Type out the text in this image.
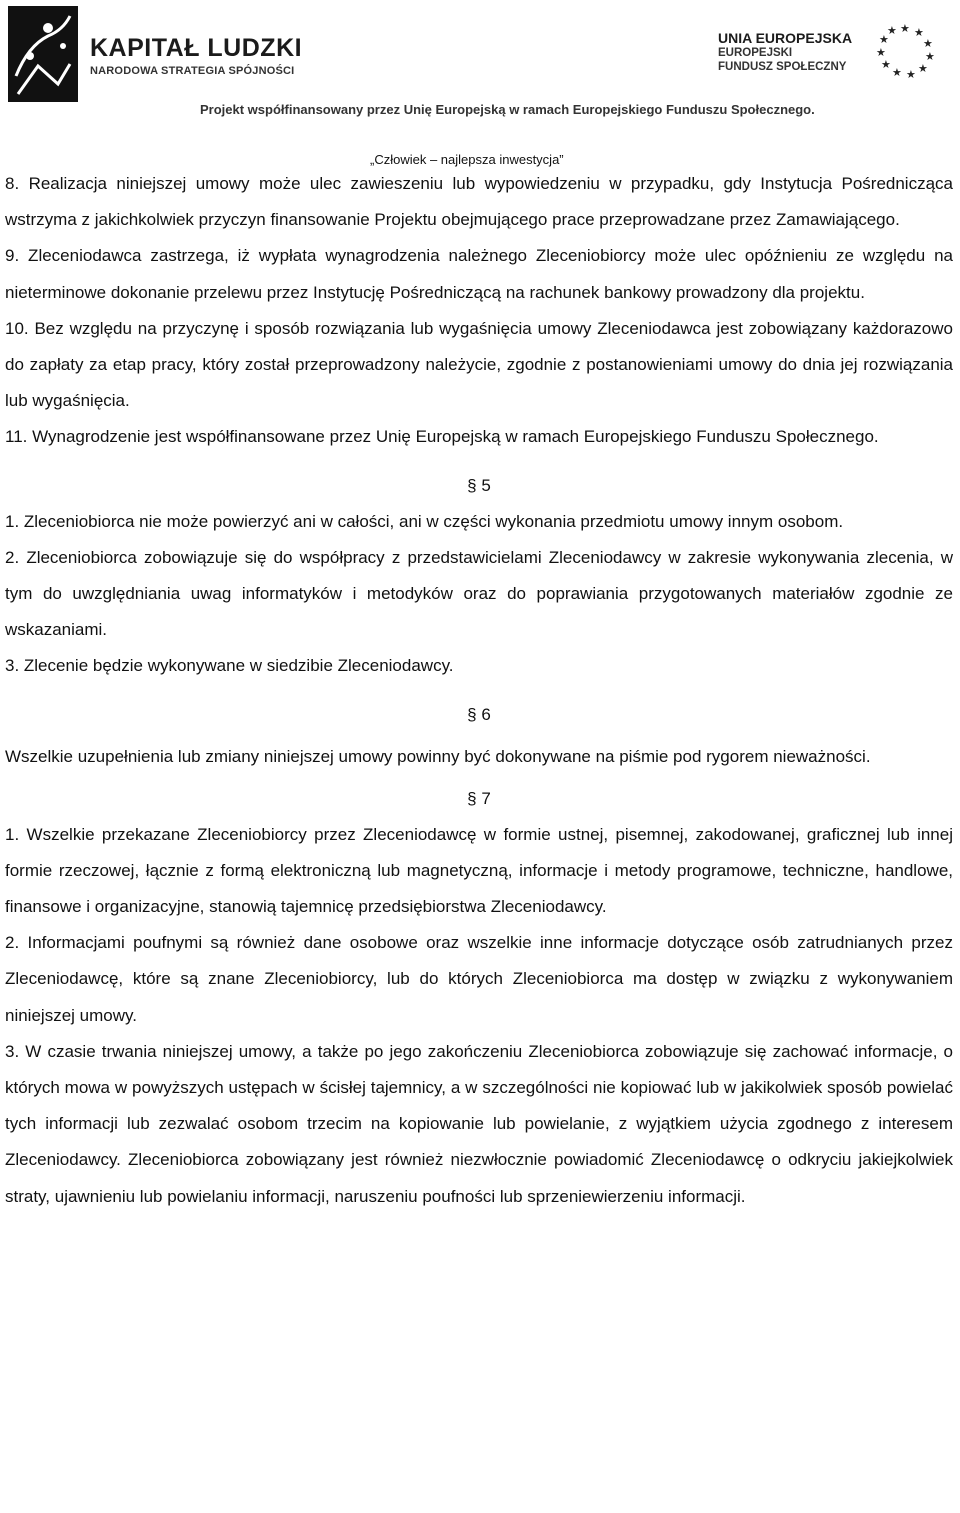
KAPITAŁ LUDZKI
NARODOWA STRATEGIA SPÓJNOŚCI
UNIA EUROPEJSKA
EUROPEJSKI
FUNDUSZ SPOŁECZNY
★ ★
★
★
★
★
★
★
★
★
★
Projekt współfinansowany przez Unię Europejską w ramach Europejskiego Funduszu Społecznego.
„Człowiek – najlepsza inwestycja”

8. Realizacja niniejszej umowy może ulec zawieszeniu lub wypowiedzeniu w przypadku, gdy Instytucja Pośrednicząca wstrzyma z jakichkolwiek przyczyn finansowanie Projektu obejmującego prace przeprowadzane przez Zamawiającego.

9. Zleceniodawca zastrzega, iż wypłata wynagrodzenia należnego Zleceniobiorcy może ulec opóźnieniu ze względu na nieterminowe dokonanie przelewu przez Instytucję Pośredniczącą na rachunek bankowy prowadzony dla projektu.

10. Bez względu na przyczynę i sposób rozwiązania lub wygaśnięcia umowy Zleceniodawca jest zobowiązany każdorazowo do zapłaty za etap pracy, który został przeprowadzony należycie, zgodnie z postanowieniami umowy do dnia jej rozwiązania lub wygaśnięcia.

11. Wynagrodzenie jest współfinansowane przez Unię Europejską w ramach Europejskiego Funduszu Społecznego.

§ 5

1. Zleceniobiorca nie może powierzyć ani w całości, ani w części wykonania przedmiotu umowy innym osobom.

2. Zleceniobiorca zobowiązuje się do współpracy z przedstawicielami Zleceniodawcy w zakresie wykonywania zlecenia, w tym do uwzględniania uwag informatyków i metodyków oraz do poprawiania przygotowanych materiałów zgodnie ze wskazaniami.

3. Zlecenie będzie wykonywane w siedzibie Zleceniodawcy.

§ 6

Wszelkie uzupełnienia lub zmiany niniejszej umowy powinny być dokonywane na piśmie pod rygorem nieważności.

§ 7

1. Wszelkie przekazane Zleceniobiorcy przez Zleceniodawcę w formie ustnej, pisemnej, zakodowanej, graficznej lub innej formie rzeczowej, łącznie z formą elektroniczną lub magnetyczną, informacje i metody programowe, techniczne, handlowe, finansowe i organizacyjne, stanowią tajemnicę przedsiębiorstwa Zleceniodawcy.

2. Informacjami poufnymi są również dane osobowe oraz wszelkie inne informacje dotyczące osób zatrudnianych przez Zleceniodawcę, które są znane Zleceniobiorcy, lub do których Zleceniobiorca ma dostęp w związku z wykonywaniem niniejszej umowy.

3. W czasie trwania niniejszej umowy, a także po jego zakończeniu Zleceniobiorca zobowiązuje się zachować informacje, o których mowa w powyższych ustępach w ścisłej tajemnicy, a w szczególności nie kopiować lub w jakikolwiek sposób powielać tych informacji lub zezwalać osobom trzecim na kopiowanie lub powielanie, z wyjątkiem użycia zgodnego z interesem Zleceniodawcy. Zleceniobiorca zobowiązany jest również niezwłocznie powiadomić Zleceniodawcę o odkryciu jakiejkolwiek straty, ujawnieniu lub powielaniu informacji, naruszeniu poufności lub sprzeniewierzeniu informacji.
